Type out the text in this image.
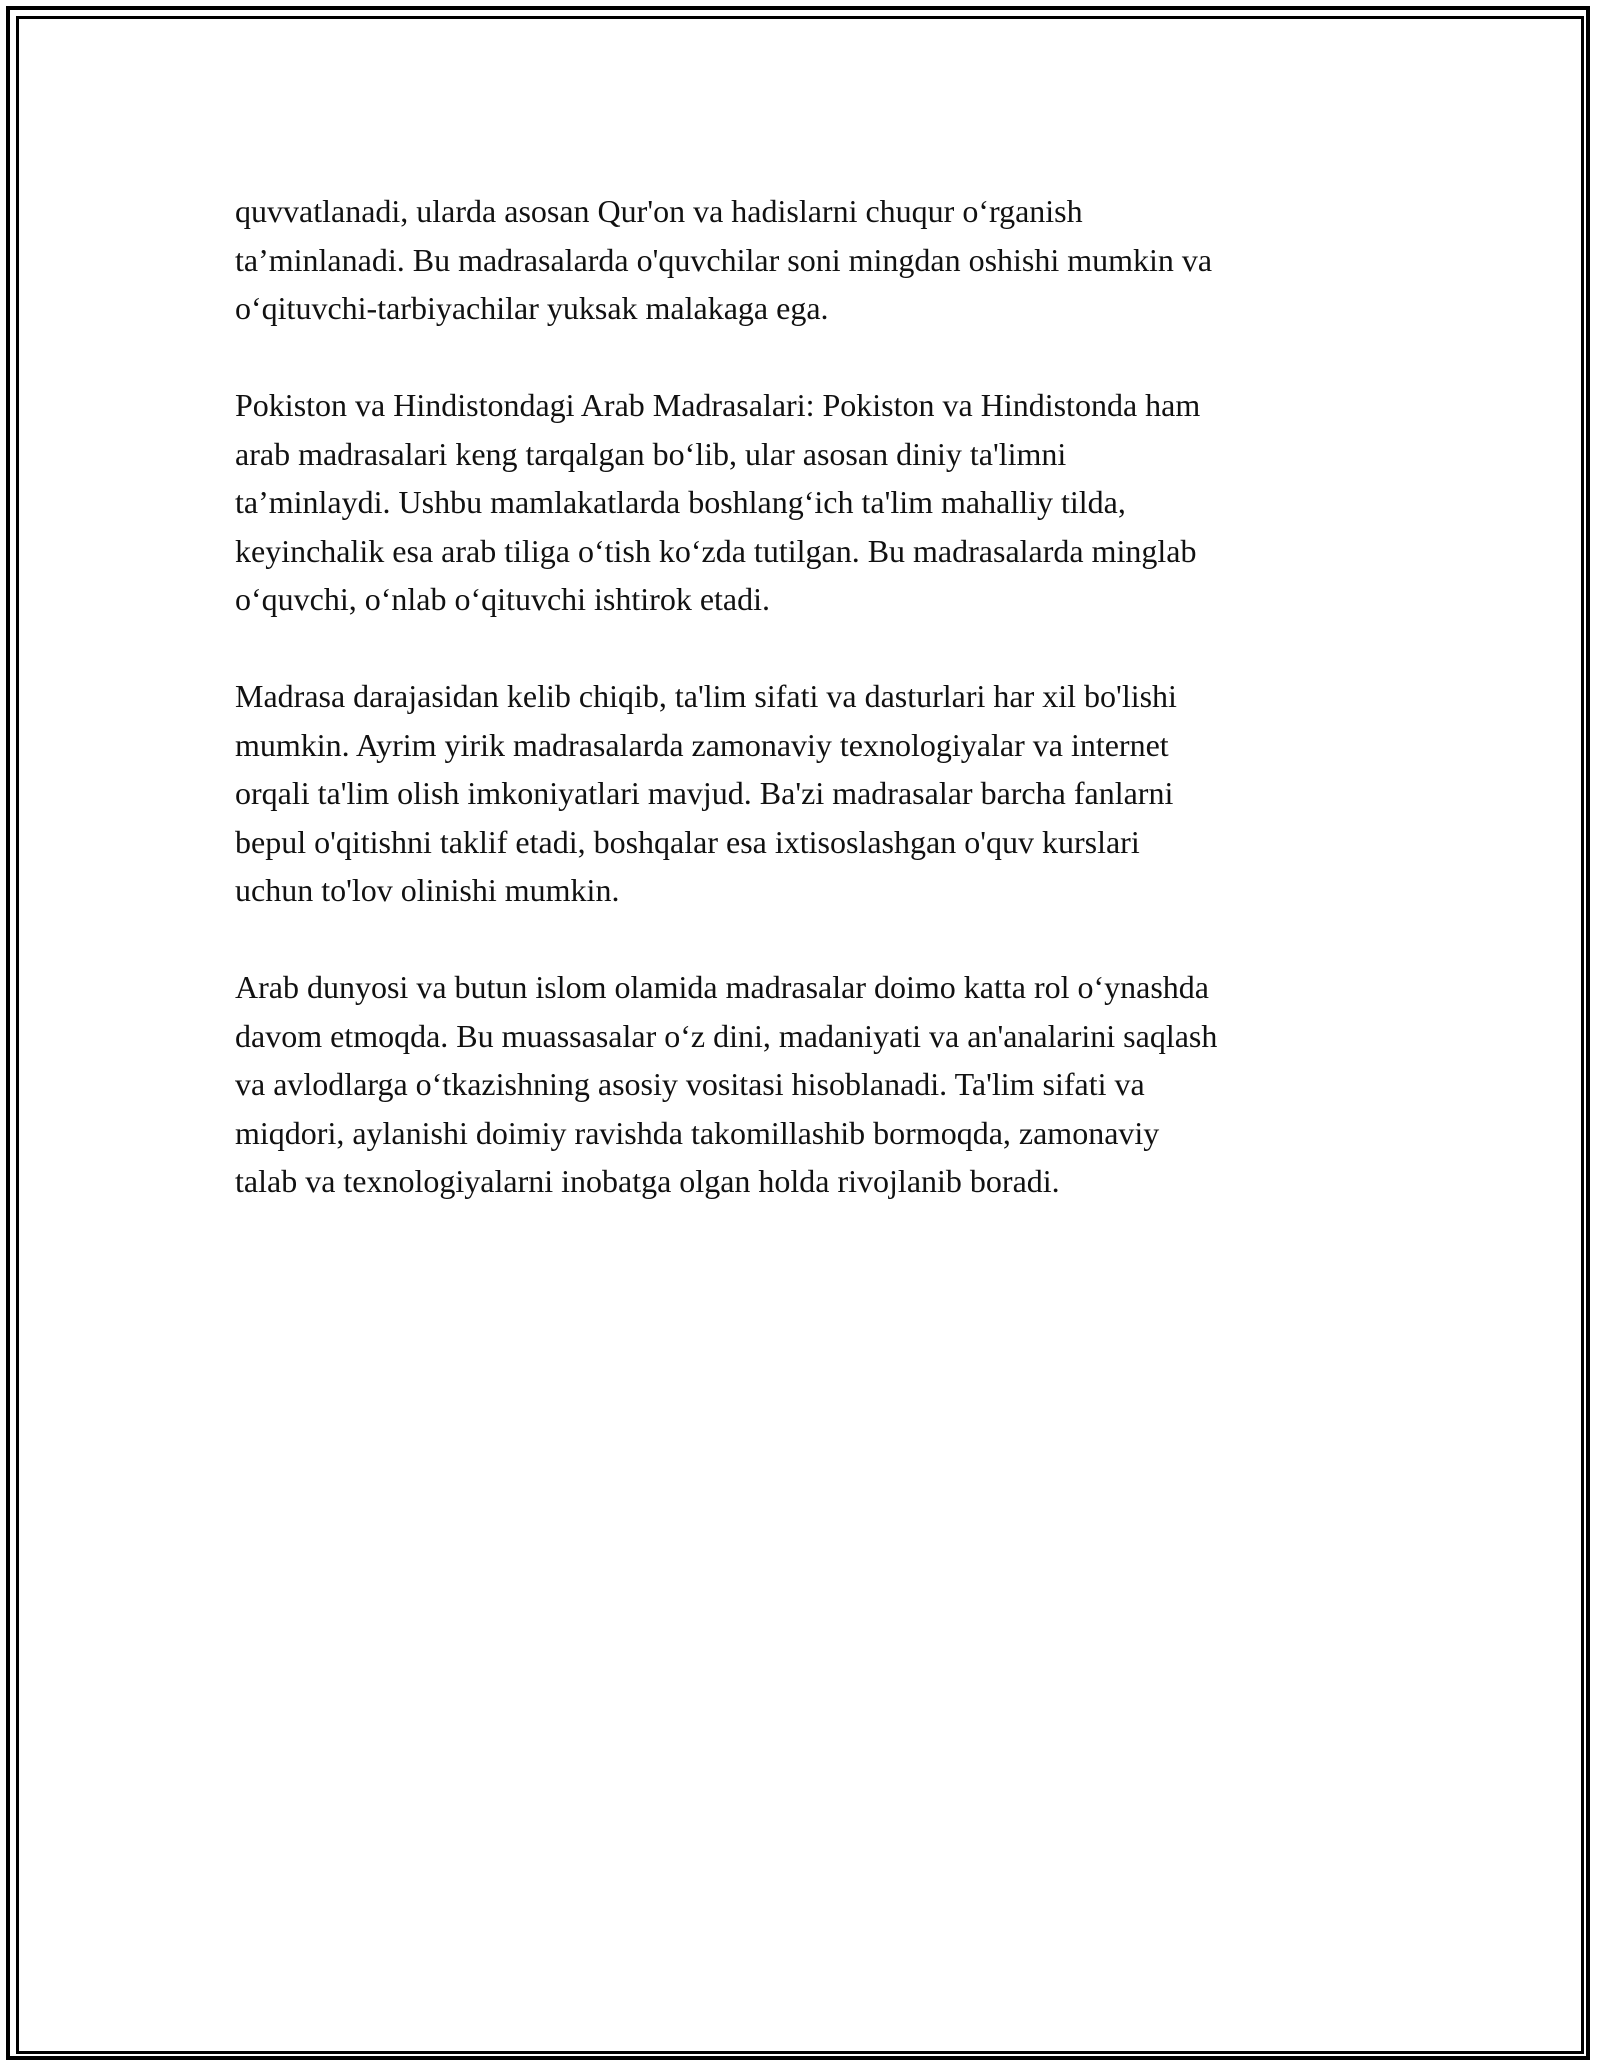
quvvatlanadi, ularda asosan Qur'on va hadislarni chuqur o‘rganish
ta’minlanadi. Bu madrasalarda o'quvchilar soni mingdan oshishi mumkin va
o‘qituvchi-tarbiyachilar yuksak malakaga ega.

Pokiston va Hindistondagi Arab Madrasalari: Pokiston va Hindistonda ham
arab madrasalari keng tarqalgan bo‘lib, ular asosan diniy ta'limni
ta’minlaydi. Ushbu mamlakatlarda boshlang‘ich ta'lim mahalliy tilda,
keyinchalik esa arab tiliga o‘tish ko‘zda tutilgan. Bu madrasalarda minglab
o‘quvchi, o‘nlab o‘qituvchi ishtirok etadi.

Madrasa darajasidan kelib chiqib, ta'lim sifati va dasturlari har xil bo'lishi
mumkin. Ayrim yirik madrasalarda zamonaviy texnologiyalar va internet
orqali ta'lim olish imkoniyatlari mavjud. Ba'zi madrasalar barcha fanlarni
bepul o'qitishni taklif etadi, boshqalar esa ixtisoslashgan o'quv kurslari
uchun to'lov olinishi mumkin.

Arab dunyosi va butun islom olamida madrasalar doimo katta rol o‘ynashda
davom etmoqda. Bu muassasalar o‘z dini, madaniyati va an'analarini saqlash
va avlodlarga o‘tkazishning asosiy vositasi hisoblanadi. Ta'lim sifati va
miqdori, aylanishi doimiy ravishda takomillashib bormoqda, zamonaviy
talab va texnologiyalarni inobatga olgan holda rivojlanib boradi.
